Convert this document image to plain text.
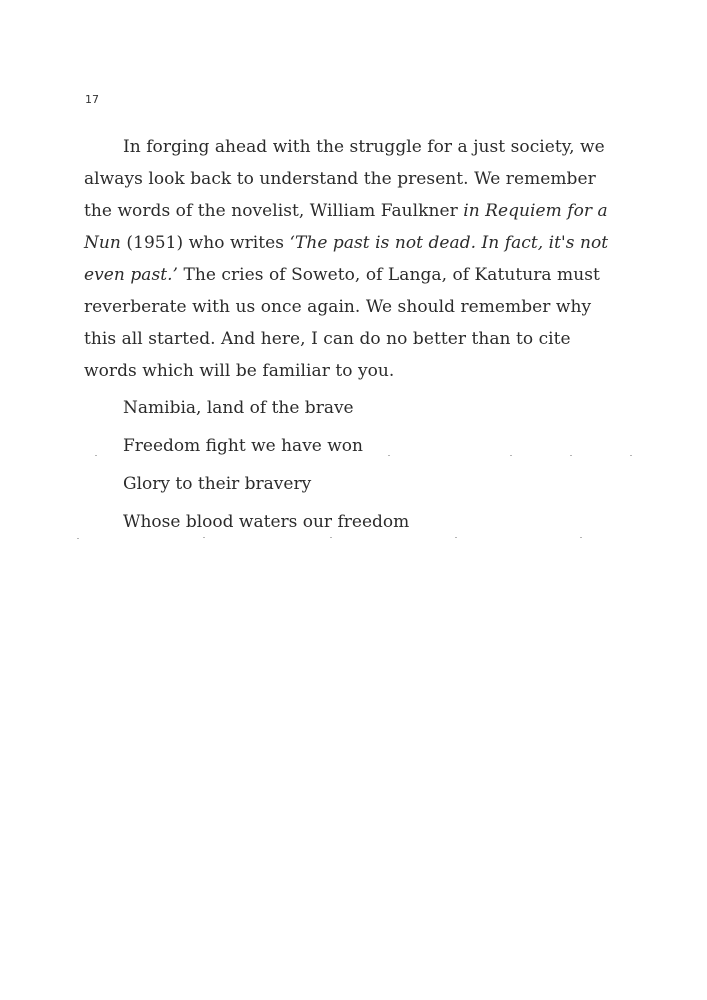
17

In forging ahead with the struggle for a just society, we always look back to understand the present. We remember the words of the novelist, William Faulkner in Requiem for a Nun (1951) who writes ‘The past is not dead. In fact, it's not even past.’ The cries of Soweto, of Langa, of Katutura must reverberate with us once again. We should remember why this all started. And here, I can do no better than to cite words which will be familiar to you.

Namibia, land of the brave
Freedom fight we have won
Glory to their bravery
Whose blood waters our freedom
